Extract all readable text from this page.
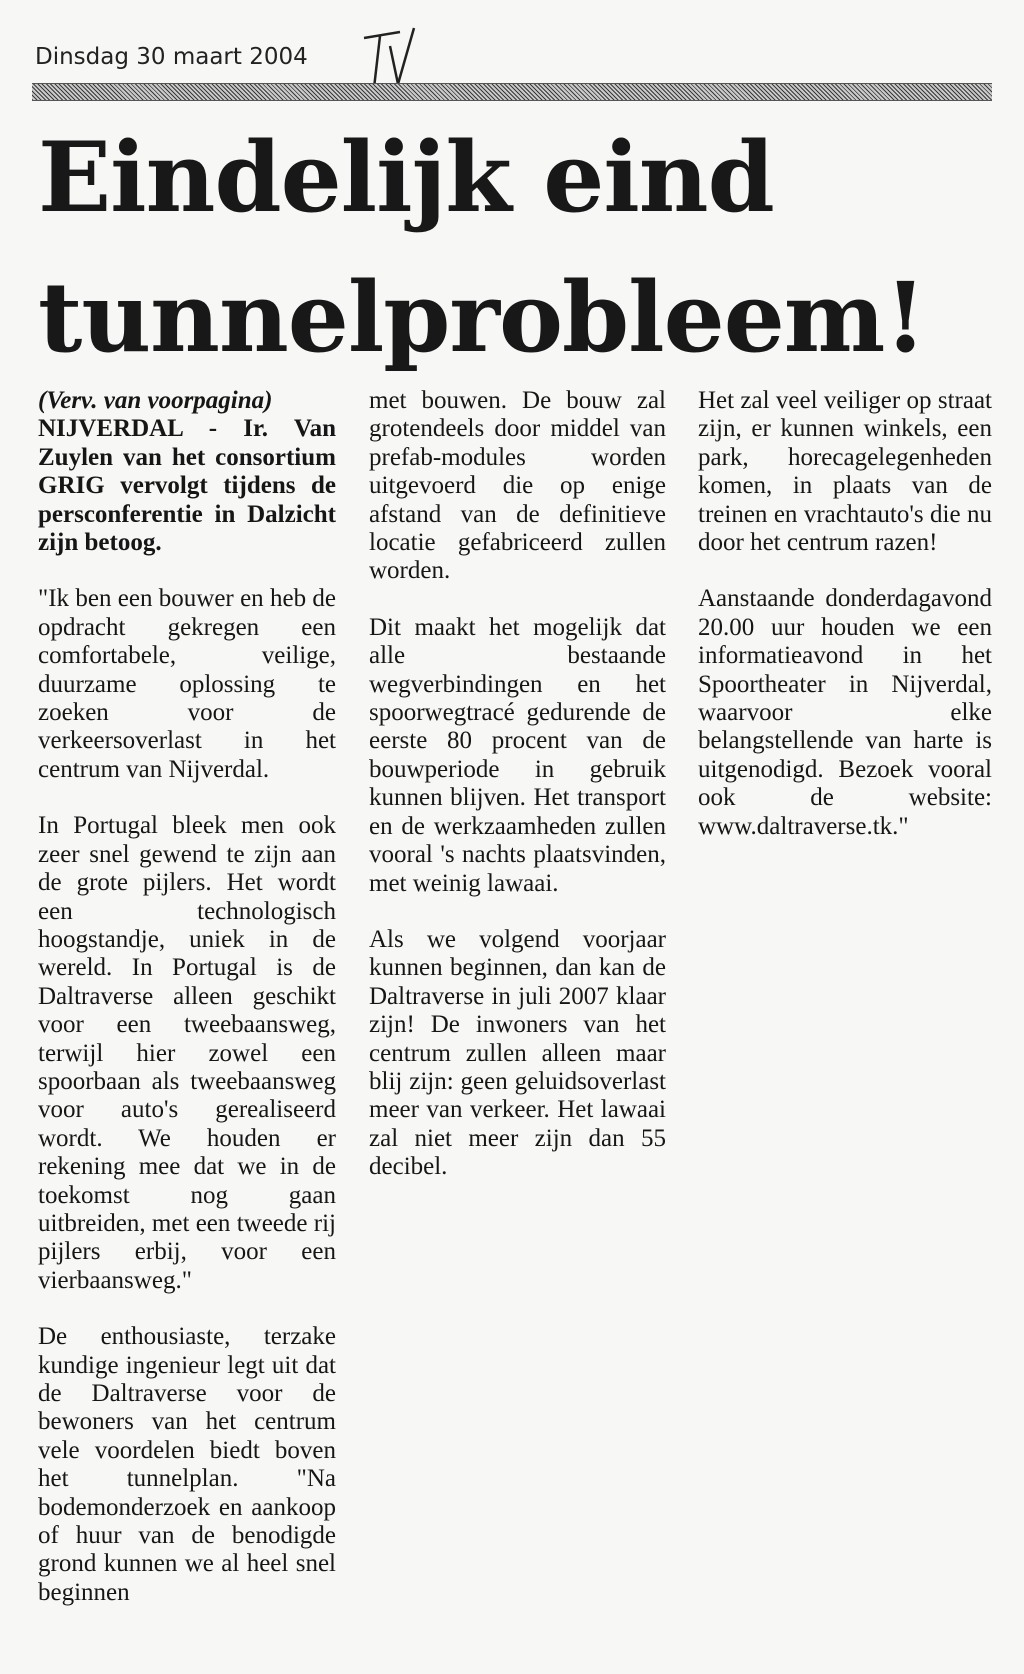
Dinsdag 30 maart 2004
Eindelijk eind
tunnelprobleem!

(Verv. van voorpagina)
NIJVERDAL - Ir. Van Zuylen van het consortium GRIG vervolgt tijdens de persconferentie in Dalzicht zijn betoog.

"Ik ben een bouwer en heb de opdracht gekregen een comfortabele, veilige, duurzame oplossing te zoeken voor de verkeersoverlast in het centrum van Nijverdal.

In Portugal bleek men ook zeer snel gewend te zijn aan de grote pijlers. Het wordt een technologisch hoogstandje, uniek in de wereld. In Portugal is de Daltraverse alleen geschikt voor een tweebaansweg, terwijl hier zowel een spoorbaan als tweebaansweg voor auto's gerealiseerd wordt. We houden er rekening mee dat we in de toekomst nog gaan uitbreiden, met een tweede rij pijlers erbij, voor een vierbaansweg."

De enthousiaste, terzake kundige ingenieur legt uit dat de Daltraverse voor de bewoners van het centrum vele voordelen biedt boven het tunnelplan. "Na bodemonderzoek en aankoop of huur van de benodigde grond kunnen we al heel snel beginnen

met bouwen. De bouw zal grotendeels door middel van prefab-modules worden uitgevoerd die op enige afstand van de definitieve locatie gefabriceerd zullen worden.

Dit maakt het mogelijk dat alle bestaande wegverbindingen en het spoorwegtracé gedurende de eerste 80 procent van de bouwperiode in gebruik kunnen blijven. Het transport en de werkzaamheden zullen vooral 's nachts plaatsvinden, met weinig lawaai.

Als we volgend voorjaar kunnen beginnen, dan kan de Daltraverse in juli 2007 klaar zijn! De inwoners van het centrum zullen alleen maar blij zijn: geen geluidsoverlast meer van verkeer. Het lawaai zal niet meer zijn dan 55 decibel.

Het zal veel veiliger op straat zijn, er kunnen winkels, een park, horecagelegenheden komen, in plaats van de treinen en vrachtauto's die nu door het centrum razen!

Aanstaande donderdagavond 20.00 uur houden we een informatieavond in het Spoortheater in Nijverdal, waarvoor elke belangstellende van harte is uitgenodigd. Bezoek vooral ook de website: www.daltraverse.tk."
